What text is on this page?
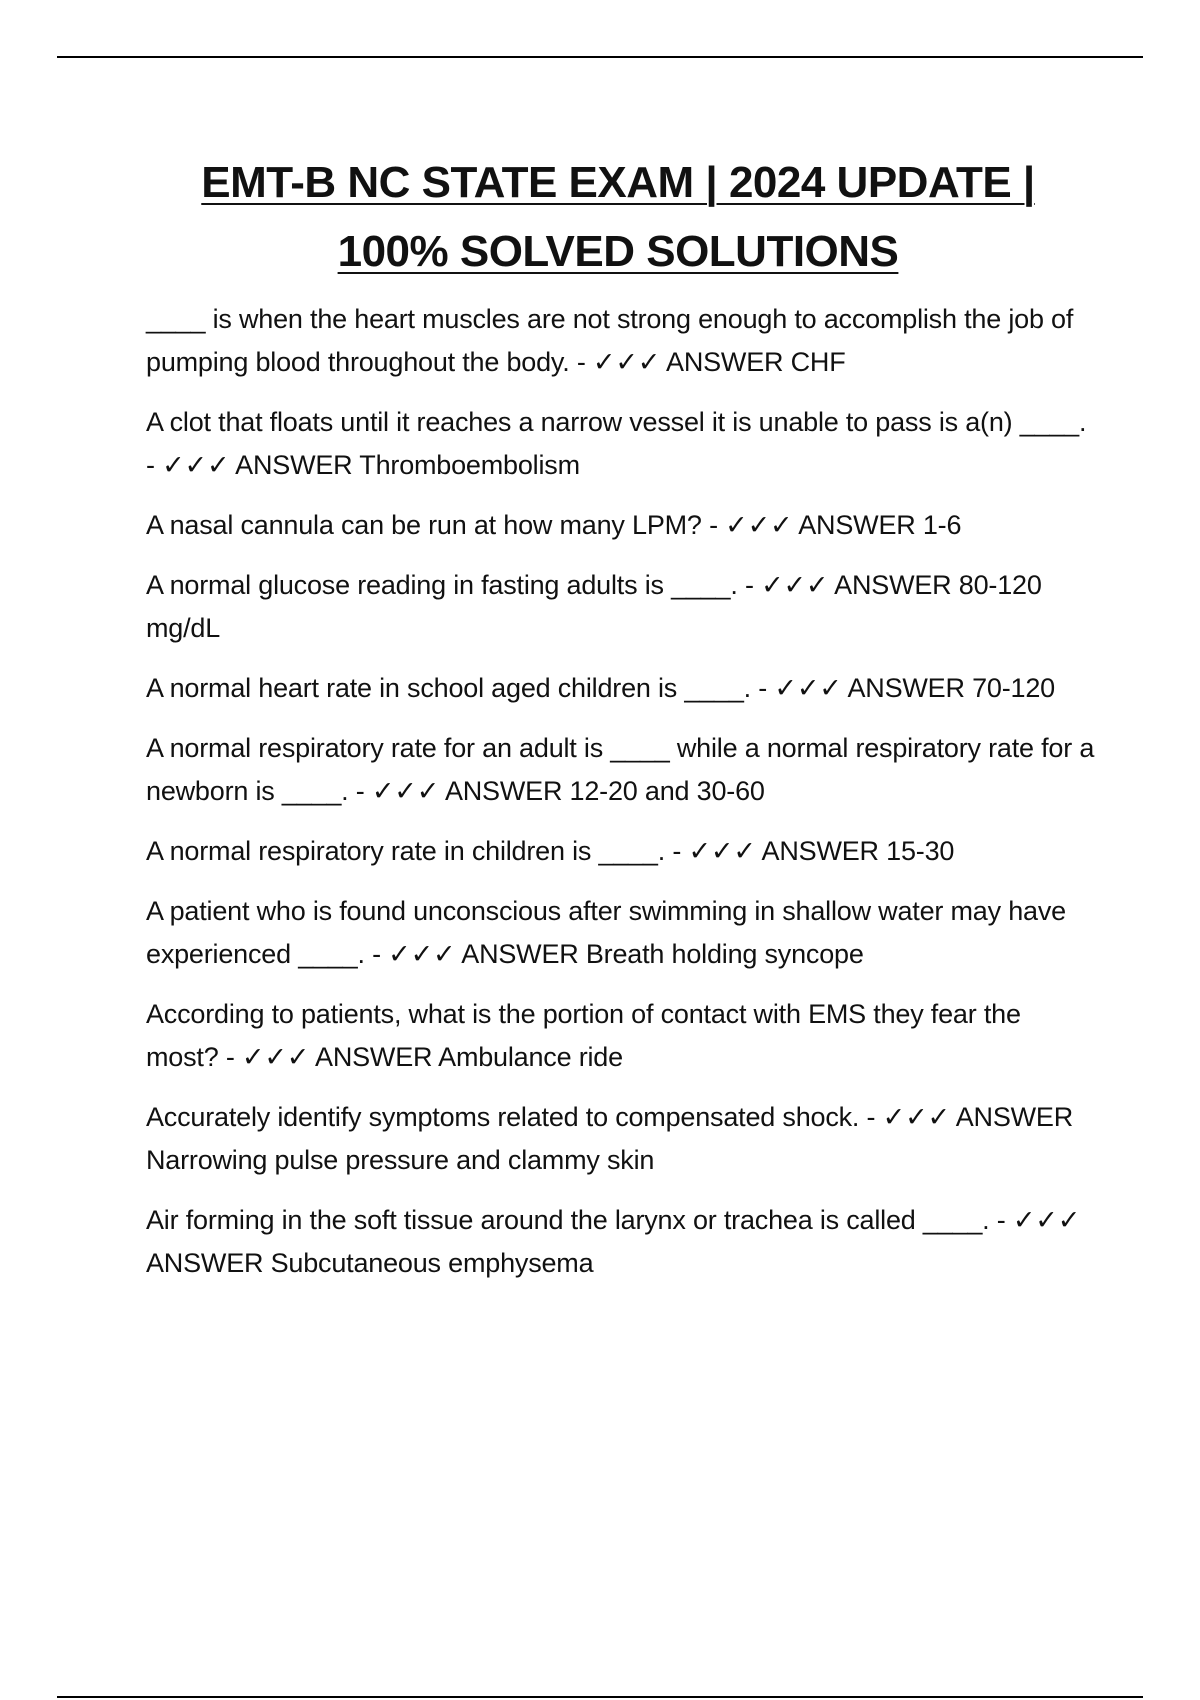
EMT-B NC STATE EXAM | 2024 UPDATE |
100% SOLVED SOLUTIONS

____ is when the heart muscles are not strong enough to accomplish the job of pumping blood throughout the body. - ✓✓✓ ANSWER CHF

A clot that floats until it reaches a narrow vessel it is unable to pass is a(n) ____. - ✓✓✓ ANSWER Thromboembolism

A nasal cannula can be run at how many LPM? - ✓✓✓ ANSWER 1-6

A normal glucose reading in fasting adults is ____. - ✓✓✓ ANSWER 80-120 mg/dL

A normal heart rate in school aged children is ____. - ✓✓✓ ANSWER 70-120

A normal respiratory rate for an adult is ____ while a normal respiratory rate for a newborn is ____. - ✓✓✓ ANSWER 12-20 and 30-60

A normal respiratory rate in children is ____. - ✓✓✓ ANSWER 15-30

A patient who is found unconscious after swimming in shallow water may have experienced ____. - ✓✓✓ ANSWER Breath holding syncope

According to patients, what is the portion of contact with EMS they fear the most? - ✓✓✓ ANSWER Ambulance ride

Accurately identify symptoms related to compensated shock. - ✓✓✓ ANSWER Narrowing pulse pressure and clammy skin

Air forming in the soft tissue around the larynx or trachea is called ____. - ✓✓✓ ANSWER Subcutaneous emphysema
